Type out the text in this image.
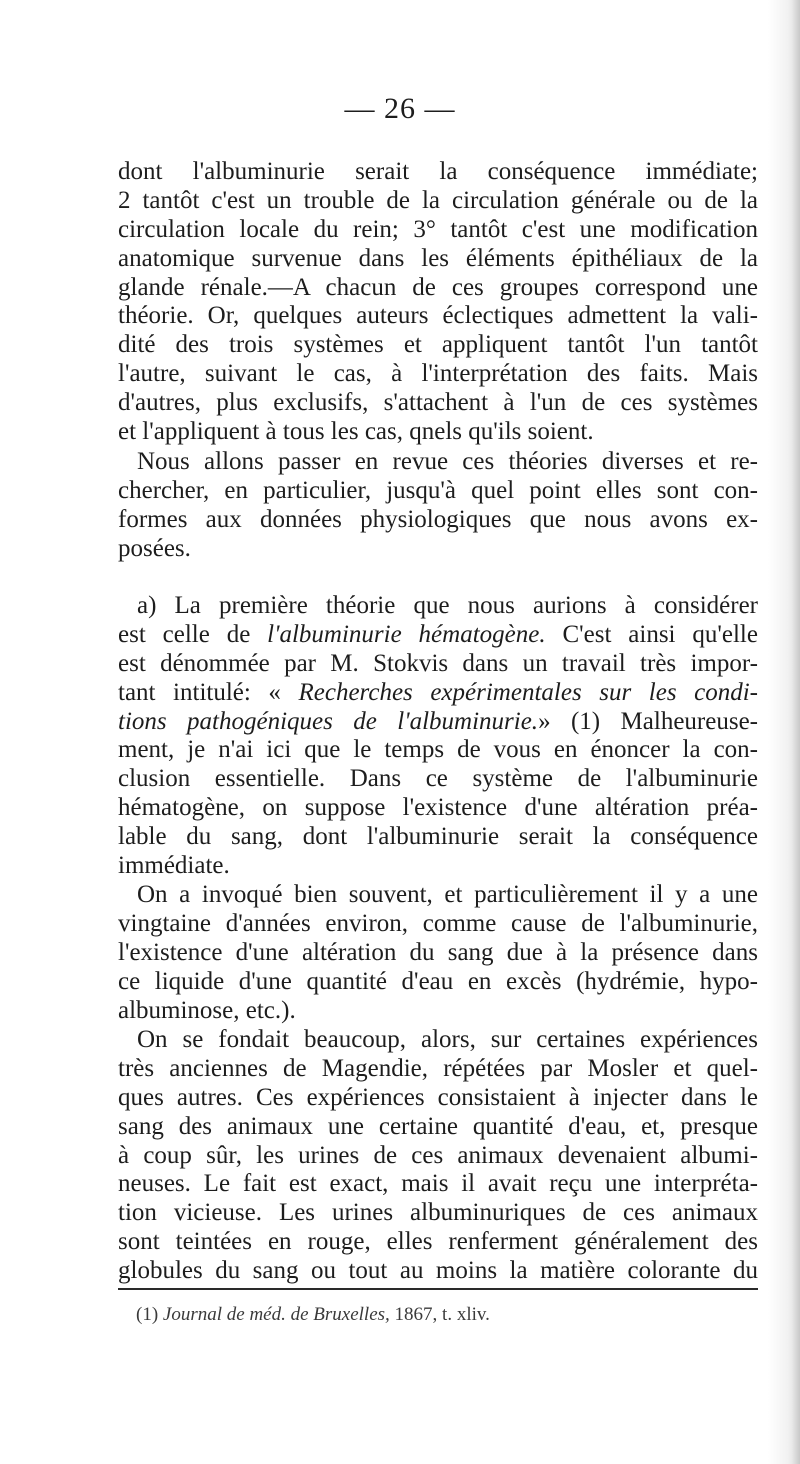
— 26 —
dont l'albuminurie serait la conséquence immédiate;
2 tantôt c'est un trouble de la circulation générale ou de la
circulation locale du rein; 3° tantôt c'est une modification
anatomique survenue dans les éléments épithéliaux de la
glande rénale.—A chacun de ces groupes correspond une
théorie. Or, quelques auteurs éclectiques admettent la vali-
dité des trois systèmes et appliquent tantôt l'un tantôt
l'autre, suivant le cas, à l'interprétation des faits. Mais
d'autres, plus exclusifs, s'attachent à l'un de ces systèmes
et l'appliquent à tous les cas, qnels qu'ils soient.
Nous allons passer en revue ces théories diverses et re-
chercher, en particulier, jusqu'à quel point elles sont con-
formes aux données physiologiques que nous avons ex-
posées.
a) La première théorie que nous aurions à considérer
est celle de l'albuminurie hématogène. C'est ainsi qu'elle
est dénommée par M. Stokvis dans un travail très impor-
tant intitulé: « Recherches expérimentales sur les condi-
tions pathogéniques de l'albuminurie.» (1) Malheureuse-
ment, je n'ai ici que le temps de vous en énoncer la con-
clusion essentielle. Dans ce système de l'albuminurie
hématogène, on suppose l'existence d'une altération préa-
lable du sang, dont l'albuminurie serait la conséquence
immédiate.
On a invoqué bien souvent, et particulièrement il y a une
vingtaine d'années environ, comme cause de l'albuminurie,
l'existence d'une altération du sang due à la présence dans
ce liquide d'une quantité d'eau en excès (hydrémie, hypo-
albuminose, etc.).
On se fondait beaucoup, alors, sur certaines expériences
très anciennes de Magendie, répétées par Mosler et quel-
ques autres. Ces expériences consistaient à injecter dans le
sang des animaux une certaine quantité d'eau, et, presque
à coup sûr, les urines de ces animaux devenaient albumi-
neuses. Le fait est exact, mais il avait reçu une interpréta-
tion vicieuse. Les urines albuminuriques de ces animaux
sont teintées en rouge, elles renferment généralement des
globules du sang ou tout au moins la matière colorante du
(1) Journal de méd. de Bruxelles, 1867, t. xliv.
